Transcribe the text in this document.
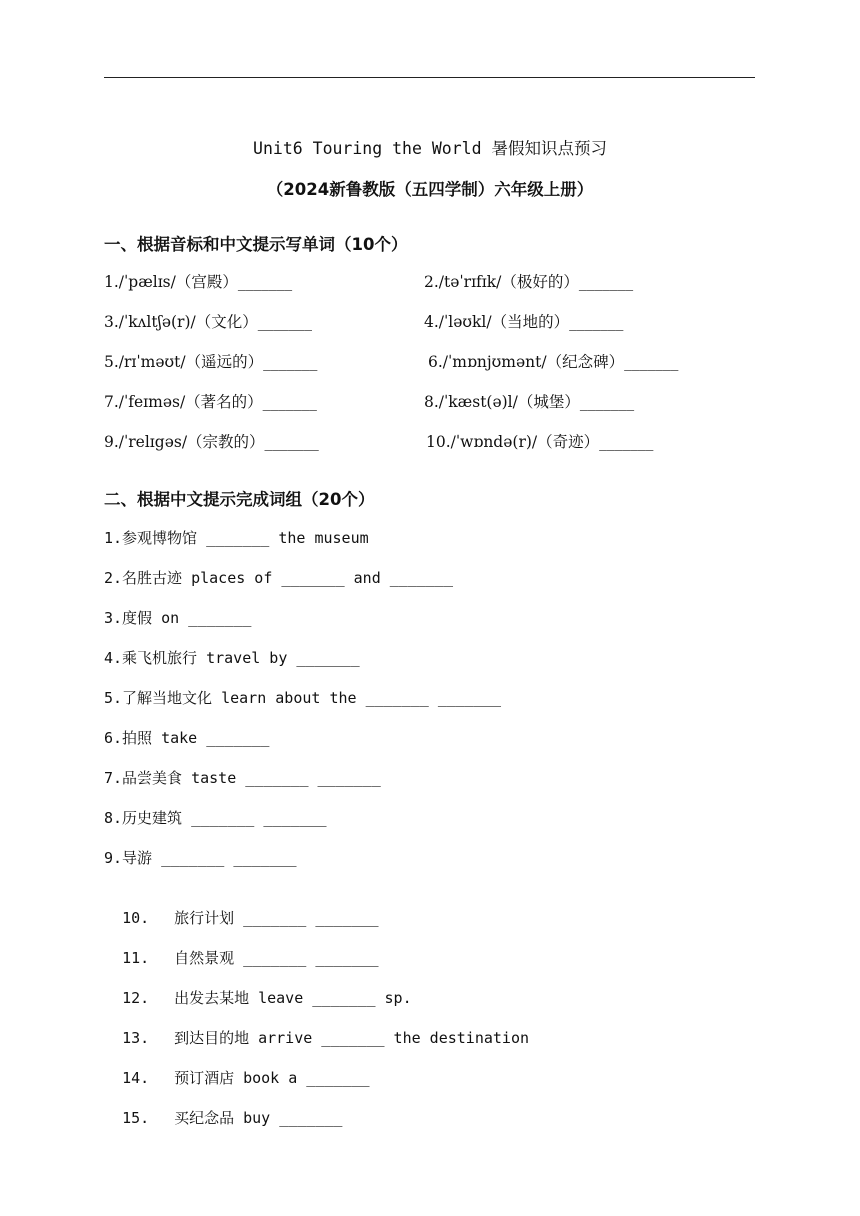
Unit6 Touring the World 暑假知识点预习
（2024新鲁教版（五四学制）六年级上册）
一、根据音标和中文提示写单词（10个）
1./ˈpælɪs/（宫殿）_______	2./təˈrɪfɪk/（极好的）_______
3./ˈkʌltʃə(r)/（文化）_______	4./ˈləʊkl/（当地的）_______
5./rɪˈməʊt/（遥远的）_______	6./ˈmɒnjʊmənt/（纪念碑）_______
7./ˈfeɪməs/（著名的）_______	8./ˈkæst(ə)l/（城堡）_______
9./ˈrelɪgəs/（宗教的）_______	10./ˈwɒndə(r)/（奇迹）_______
二、根据中文提示完成词组（20个）
1.参观博物馆 _______ the museum
2.名胜古迹 places of _______ and _______
3.度假 on _______
4.乘飞机旅行 travel by _______
5.了解当地文化 learn about the _______ _______
6.拍照 take _______
7.品尝美食 taste _______ _______
8.历史建筑 _______ _______
9.导游 _______ _______

10. 旅行计划 _______ _______

11. 自然景观 _______ _______

12. 出发去某地 leave _______ sp.

13. 到达目的地 arrive _______ the destination

14. 预订酒店 book a _______

15. 买纪念品 buy _______
